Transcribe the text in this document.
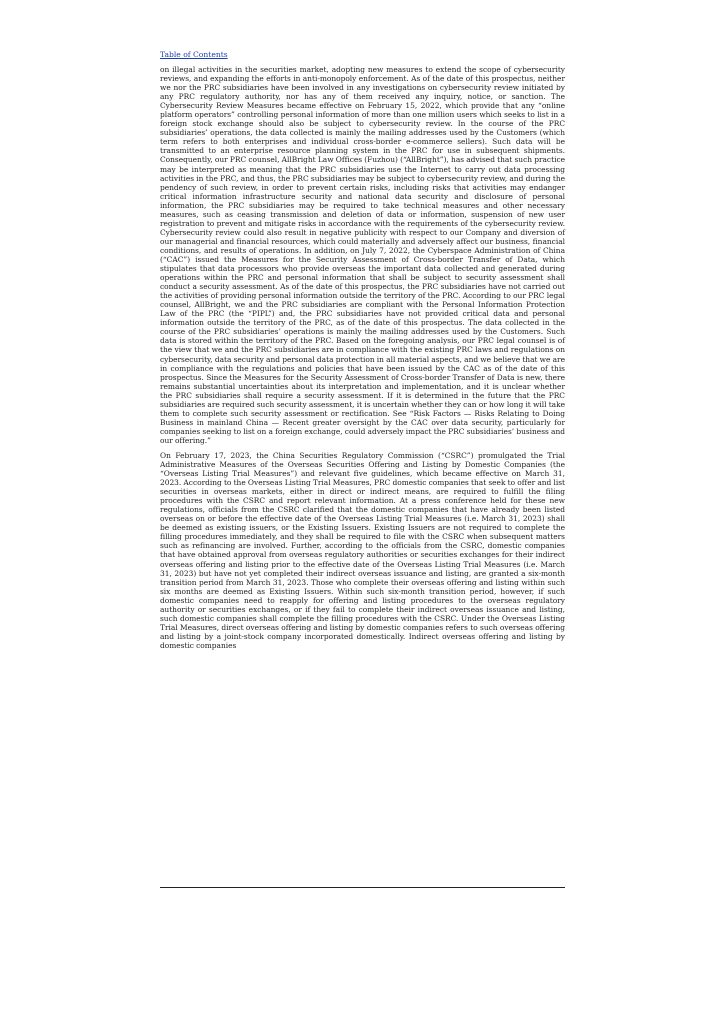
Table of Contents

on illegal activities in the securities market, adopting new measures to extend the scope of cybersecurity reviews, and expanding the efforts in anti-monopoly enforcement. As of the date of this prospectus, neither we nor the PRC subsidiaries have been involved in any investigations on cybersecurity review initiated by any PRC regulatory authority, nor has any of them received any inquiry, notice, or sanction. The Cybersecurity Review Measures became effective on February 15, 2022, which provide that any “online platform operators” controlling personal information of more than one million users which seeks to list in a foreign stock exchange should also be subject to cybersecurity review. In the course of the PRC subsidiaries’ operations, the data collected is mainly the mailing addresses used by the Customers (which term refers to both enterprises and individual cross-border e-commerce sellers). Such data will be transmitted to an enterprise resource planning system in the PRC for use in subsequent shipments. Consequently, our PRC counsel, AllBright Law Offices (Fuzhou) (“AllBright”), has advised that such practice may be interpreted as meaning that the PRC subsidiaries use the Internet to carry out data processing activities in the PRC, and thus, the PRC subsidiaries may be subject to cybersecurity review, and during the pendency of such review, in order to prevent certain risks, including risks that activities may endanger critical information infrastructure security and national data security and disclosure of personal information, the PRC subsidiaries may be required to take technical measures and other necessary measures, such as ceasing transmission and deletion of data or information, suspension of new user registration to prevent and mitigate risks in accordance with the requirements of the cybersecurity review. Cybersecurity review could also result in negative publicity with respect to our Company and diversion of our managerial and financial resources, which could materially and adversely affect our business, financial conditions, and results of operations. In addition, on July 7, 2022, the Cyberspace Administration of China (“CAC”) issued the Measures for the Security Assessment of Cross-border Transfer of Data, which stipulates that data processors who provide overseas the important data collected and generated during operations within the PRC and personal information that shall be subject to security assessment shall conduct a security assessment. As of the date of this prospectus, the PRC subsidiaries have not carried out the activities of providing personal information outside the territory of the PRC. According to our PRC legal counsel, AllBright, we and the PRC subsidiaries are compliant with the Personal Information Protection Law of the PRC (the “PIPL”) and, the PRC subsidiaries have not provided critical data and personal information outside the territory of the PRC, as of the date of this prospectus. The data collected in the course of the PRC subsidiaries’ operations is mainly the mailing addresses used by the Customers. Such data is stored within the territory of the PRC. Based on the foregoing analysis, our PRC legal counsel is of the view that we and the PRC subsidiaries are in compliance with the existing PRC laws and regulations on cybersecurity, data security and personal data protection in all material aspects, and we believe that we are in compliance with the regulations and policies that have been issued by the CAC as of the date of this prospectus. Since the Measures for the Security Assessment of Cross-border Transfer of Data is new, there remains substantial uncertainties about its interpretation and implementation, and it is unclear whether the PRC subsidiaries shall require a security assessment. If it is determined in the future that the PRC subsidiaries are required such security assessment, it is uncertain whether they can or how long it will take them to complete such security assessment or rectification. See “Risk Factors — Risks Relating to Doing Business in mainland China — Recent greater oversight by the CAC over data security, particularly for companies seeking to list on a foreign exchange, could adversely impact the PRC subsidiaries’ business and our offering.”

On February 17, 2023, the China Securities Regulatory Commission (“CSRC”) promulgated the Trial Administrative Measures of the Overseas Securities Offering and Listing by Domestic Companies (the “Overseas Listing Trial Measures”) and relevant five guidelines, which became effective on March 31, 2023. According to the Overseas Listing Trial Measures, PRC domestic companies that seek to offer and list securities in overseas markets, either in direct or indirect means, are required to fulfill the filing procedures with the CSRC and report relevant information. At a press conference held for these new regulations, officials from the CSRC clarified that the domestic companies that have already been listed overseas on or before the effective date of the Overseas Listing Trial Measures (i.e. March 31, 2023) shall be deemed as existing issuers, or the Existing Issuers. Existing Issuers are not required to complete the filling procedures immediately, and they shall be required to file with the CSRC when subsequent matters such as refinancing are involved. Further, according to the officials from the CSRC, domestic companies that have obtained approval from overseas regulatory authorities or securities exchanges for their indirect overseas offering and listing prior to the effective date of the Overseas Listing Trial Measures (i.e. March 31, 2023) but have not yet completed their indirect overseas issuance and listing, are granted a six-month transition period from March 31, 2023. Those who complete their overseas offering and listing within such six months are deemed as Existing Issuers. Within such six-month transition period, however, if such domestic companies need to reapply for offering and listing procedures to the overseas regulatory authority or securities exchanges, or if they fail to complete their indirect overseas issuance and listing, such domestic companies shall complete the filling procedures with the CSRC. Under the Overseas Listing Trial Measures, direct overseas offering and listing by domestic companies refers to such overseas offering and listing by a joint-stock company incorporated domestically. Indirect overseas offering and listing by domestic companies
